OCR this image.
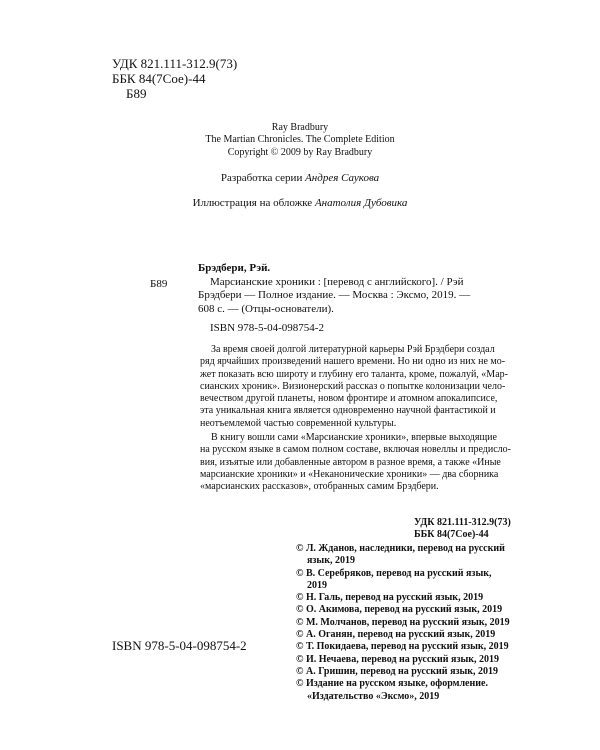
УДК 821.111-312.9(73)
ББК 84(7Сое)-44
Б89
Ray Bradbury
The Martian Chronicles. The Complete Edition
Copyright © 2009 by Ray Bradbury
Разработка серии Андрея Саукова
Иллюстрация на обложке Анатолия Дубовика
Б89
Брэдбери, Рэй.
Марсианские хроники : [перевод с английского]. / Рэй
Брэдбери — Полное издание. — Москва : Эксмо, 2019. —
608 с. — (Отцы-основатели).
ISBN 978-5-04-098754-2
За время своей долгой литературной карьеры Рэй Брэдбери создал
ряд ярчайших произведений нашего времени. Но ни одно из них не мо-
жет показать всю широту и глубину его таланта, кроме, пожалуй, «Мар-
сианских хроник». Визионерский рассказ о попытке колонизации чело-
вечеством другой планеты, новом фронтире и атомном апокалипсисе,
эта уникальная книга является одновременно научной фантастикой и
неотъемлемой частью современной культуры.
В книгу вошли сами «Марсианские хроники», впервые выходящие
на русском языке в самом полном составе, включая новеллы и предисло-
вия, изъятые или добавленные автором в разное время, а также «Иные
марсианские хроники» и «Неканонические хроники» — два сборника
«марсианских рассказов», отобранных самим Брэдбери.
УДК 821.111-312.9(73)
ББК 84(7Сое)-44
© Л. Жданов, наследники, перевод на русский
язык, 2019
© В. Серебряков, перевод на русский язык,
2019
© Н. Галь, перевод на русский язык, 2019
© О. Акимова, перевод на русский язык, 2019
© М. Молчанов, перевод на русский язык, 2019
© А. Оганян, перевод на русский язык, 2019
© Т. Покидаева, перевод на русский язык, 2019
© И. Нечаева, перевод на русский язык, 2019
© А. Гришин, перевод на русский язык, 2019
© Издание на русском языке, оформление.
«Издательство «Эксмо», 2019
ISBN 978-5-04-098754-2
